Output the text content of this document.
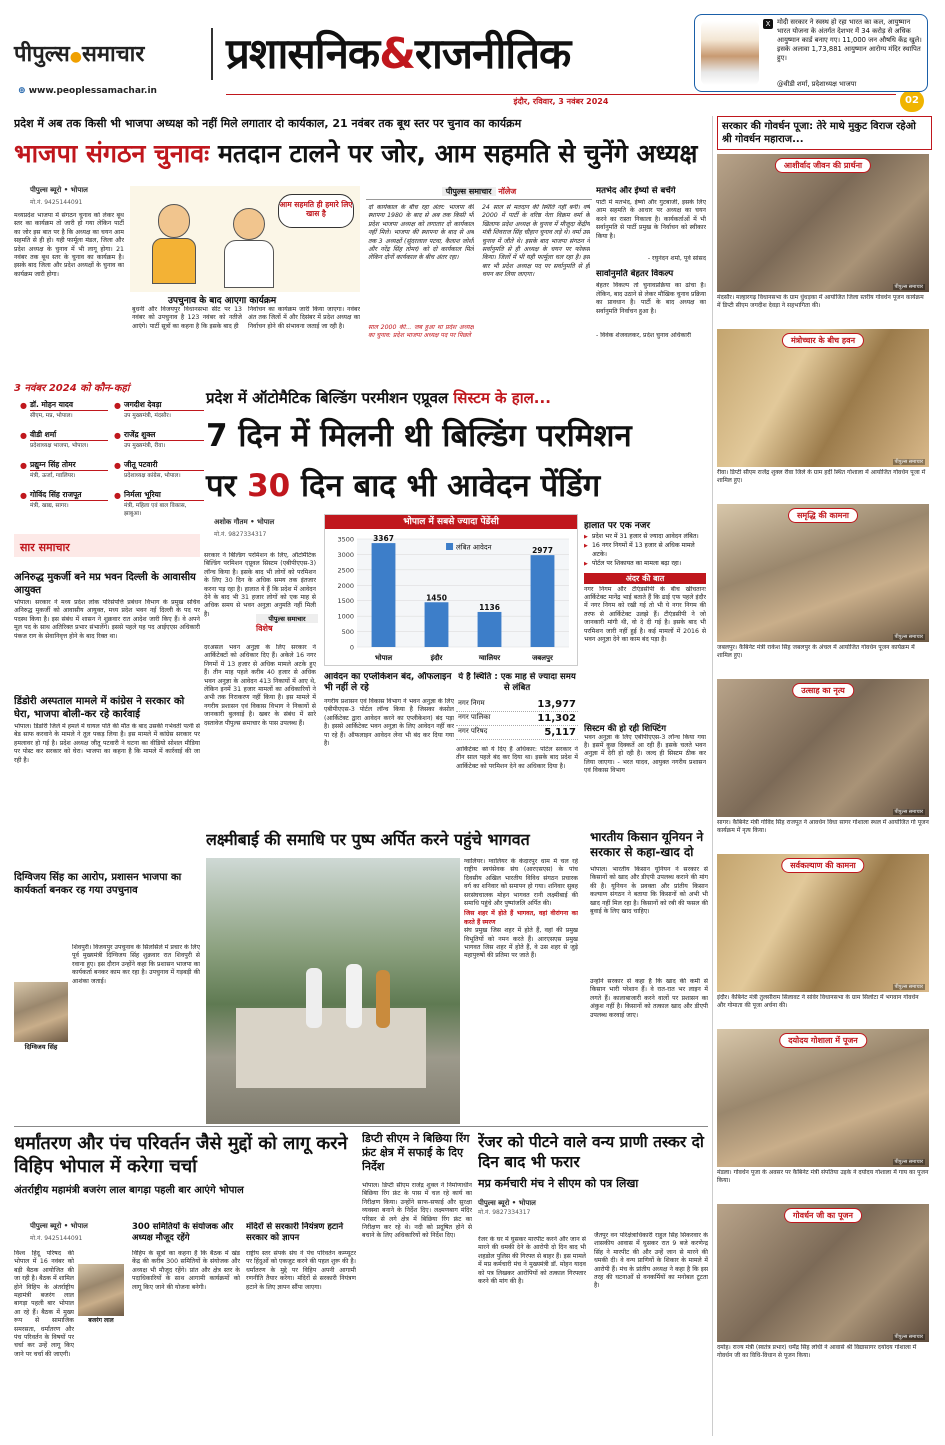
पीपुल्स●समाचार प्रशासनिक&राजनीतिक
⊕ www.peoplessamachar.in
इंदौर, रविवार, 3 नवंबर 2024	02
X मोदी सरकार ने स्वस्थ हो रहा भारत का कल, आयुष्मान भारत योजना के अंतर्गत देशभर में 34 करोड़ से अधिक आयुष्मान कार्ड बनाए गए। 11,000 जन औषधि केंद्र खुले। इसके अलावा 1,73,881 आयुष्मान आरोग्य मंदिर स्थापित हुए।
@वीडी शर्मा, प्रदेशाध्यक्ष भाजपा
प्रदेश में अब तक किसी भी भाजपा अध्यक्ष को नहीं मिले लगातार दो कार्यकाल, 21 नवंबर तक बूथ स्तर पर चुनाव का कार्यक्रम
भाजपा संगठन चुनावः मतदान टालने पर जोर, आम सहमति से चुनेंगे अध्यक्ष
पीपुल्स ब्यूरो • भोपाल
मो.नं. 9425144091
मध्यप्रदेश भाजपा में संगठन चुनाव को लेकर बूथ स्तर का कार्यक्रम तो जारी हो गया लेकिन पार्टी का जोर इस बात पर है कि अध्यक्ष का चयन आम सहमति से ही हो। यही फार्मूला मंडल, जिला और प्रदेश अध्यक्ष के चुनाव में भी लागू होगा। 21 नवंबर तक बूथ स्तर के चुनाव का कार्यक्रम है। इसके बाद जिला और प्रदेश अध्यक्षों के चुनाव का कार्यक्रम जारी होगा।
आम सहमति ही हमारे लिए खास है
उपचुनाव के बाद आएगा कार्यक्रम
बुधनी और विजयपुर विधानसभा सीट पर 13 नवंबर को उपचुनाव है 123 नवंबर को नतीजे आएंगे। पार्टी सूत्रों का कहना है कि इसके बाद ही
निर्वाचन का कार्यक्रम जारी किया जाएगा। नवंबर अंत तक जिलों में और दिसंबर में प्रदेश अध्यक्ष का निर्वाचन होने की संभावना जताई जा रही है।
पीपुल्स समाचार नॉलेज
दो कार्यकाल के बीच रहा अंतर: भाजपा की स्थापना 1980 के बाद से अब तक किसी भी प्रदेश भाजपा अध्यक्ष को लगातार दो कार्यकाल नहीं मिले। भाजपा की स्थापना के बाद से अब तक 3 अध्यक्षों (सुंदरलाल पटवा, कैलाश जोशी और नरेंद्र सिंह तोमर) को दो कार्यकाल मिले लेकिन दोनों कार्यकाल के बीच अंतर रहा।
साल 2000 की... जब हुआ था प्रदेश अध्यक्ष का चुनाव: प्रदेश भाजपा अध्यक्ष पद पर पिछले
24 साल से मतदान की स्थिति नहीं बनी। वर्ष 2000 में पार्टी के वरिष्ठ नेता विक्रम वर्मा के खिलाफ प्रदेश अध्यक्ष के चुनाव में मौजूदा केंद्रीय मंत्री शिवराज सिंह चौहान चुनाव लड़े थे। वर्मा उस चुनाव में जीते थे। इसके बाद भाजपा संगठन ने सर्वानुमति से ही अध्यक्ष के चयन पर फोकस किया। जिलों में भी यही फार्मूला चल रहा है। इस बार भी प्रदेश अध्यक्ष पद पर सर्वानुमति से ही चयन कर लिया जाएगा।
मतभेद और ईर्ष्या से बचेंगे
पार्टी में मतभेद, ईर्ष्या और गुटबाजी, इसके लिए आम सहमति के आधार पर अध्यक्ष का चयन करने का रास्ता निकाला है। कार्यकर्ताओं में भी सर्वानुमति से पार्टी प्रमुख के निर्वाचन को स्वीकार किया है।
- रघुनंदन शर्मा, पूर्व सांसद
सार्वानुमति बेहतर विकल्प
बेहतर विकल्प तो चुनावप्रक्रिया का ढांचा है। लेकिन, बाद उठाने से लेकर मौखिक चुनाव प्रक्रिया का प्रावधान है। पार्टी के बाद अध्यक्ष का सर्वानुमति निर्वाचन हुआ है।
- विवेक शेजवलकर, प्रदेश चुनाव अधिकारी
3 नवंबर 2024 को कौन-कहां
● डॉ. मोहन यादव
सीएम, मप्र, भोपाल।
● वीडी शर्मा
प्रदेशाध्यक्ष भाजपा, भोपाल।
● प्रद्युम्न सिंह तोमर
मंत्री, ऊर्जा, ग्वालियर।
● गोविंद सिंह राजपूत
मंत्री, खाद्य, सागर।
● जगदीश देवड़ा
उप मुख्यमंत्री, मंदसौर।
● राजेंद्र शुक्ल
उप मुख्यमंत्री, रीवा।
● जीतू पटवारी
प्रदेशाध्यक्ष कांग्रेस, भोपाल।
● निर्मला भूरिया
मंत्री, महिला एवं बाल विकास, झाबुआ।
प्रदेश में ऑटोमैटिक बिल्डिंग परमीशन एप्रूवल सिस्टम के हाल...
7 दिन में मिलनी थी बिल्डिंग परमिशन
पर 30 दिन बाद भी आवेदन पेंडिंग
अशोक गौतम • भोपाल
मो.नं. 9827334317
भोपाल में सबसे ज्यादा पेंडेंसी
0
500
1000
1500
2000
2500
3000
3500	3367
भोपाल
1450
इंदौर
1136
ग्वालियर
2977
जबलपुर
लंबित आवेदन
सरकार ने बिल्डिंग परमिशन के लिए, ऑटोमैटिक बिल्डिंग परमिशन एप्रूवल सिस्टम (एबीपीएएस-3) लॉन्च किया है। इसके बाद भी लोगों को परमिशन के लिए 30 दिन के अधिक समय तक इंतजार करना पड़ रहा है। हालात ये हैं कि प्रदेश में आवेदन देने के बाद भी 31 हजार लोगों को एक माह से अधिक समय से भवन अनुज्ञा अनुमति नहीं मिली है।
पीपुल्स समाचार
विशेष
दरअसल भवन अनुज्ञा के लिए सरकार ने आर्किटेक्टों को अधिकार दिए हैं। अकेले 16 नगर निगमों में 13 हजार से अधिक मामले अटके हुए हैं। तीन माह पहले करीब 40 हजार से अधिक भवन अनुज्ञा के आवेदन 413 निकायों में आए थे, लेकिन इनमें 31 हजार मामलों का अधिकारियों ने अभी तक निराकरण नहीं किया है। इस मामले में नगरीय प्रशासन एवं विकास विभाग ने निकायों से जानकारी बुलवाई है। खबर के संबंध में सारे दस्तावेज पीपुल्स समाचार के पास उपलब्ध हैं।
आवेदन का एप्लीकेशन बंद, ऑफलाइन भी नहीं ले रहे
नगरीय प्रशासन एवं विकास विभाग ने भवन अनुज्ञा के लिए एबीपीएएस-3 पोर्टल लॉन्च किया है जिसका कंसोल (आर्किटेक्ट द्वारा आवेदन करने का एप्लीकेशन) बंद पड़ा है। इससे आर्किटेक्ट भवन अनुज्ञा के लिए आवेदन नहीं कर पा रहे हैं। ऑफलाइन आवेदन लेना भी बंद कर दिया गया है।
ये है स्थिति : एक माह से ज्यादा समय से लंबित
नगर निगम	13,977
नगर पालिका	11,302
नगर परिषद	5,117
आर्किटेक्ट को ये दिए हैं अधिकार: पोर्टल सरकार ने तीन साल पहले बंद कर दिया था। इसके बाद प्रदेश में आर्किटेक्ट को परमिशन देने का अधिकार दिया है।
हालात पर एक नजर
▶ प्रदेश भर में 31 हजार से ज्यादा आवेदन लंबित।
▶ 16 नगर निगमों में 13 हजार से अधिक मामले अटके।
▶ पोर्टल पर शिकायत का मामला बढ़ा रहा।
अंदर की बात
नगर निगम और टीएंडसीपी के बीच खींचतानः आर्किटेक्ट मानेंद्र भाई बताते हैं कि ढाई एफ पहले इंदौर में नगर निगम को रखी गई तो भी ये नगर निगम की तरफ से आर्किटेक्ट उलझे हैं। टीएंडसीपी ने जो जानकारी मांगी थी, वो दे दी गई है। इसके बाद भी परमिशन जारी नहीं हुई है। कई मामलों में 2016 से भवन अनुज्ञा देने का काम बंद पड़ा है।
सिस्टम की हो रही शिफ्टिंग
भवन अनुज्ञा के लिए एबीपीएएस-3 लॉन्च किया गया है। इसमें कुछ दिक्कतें आ रही हैं। इसके चलते भवन अनुज्ञा में देरी हो रही है। जल्द ही सिस्टम ठीक कर लिया जाएगा। - भरत यादव, आयुक्त नगरीय प्रशासन एवं विकास विभाग
सार समाचार
अनिरुद्ध मुकर्जी बने मप्र भवन दिल्ली के आवासीय आयुक्त
भोपाल। सरकार ने मध्य प्रदेश लोक परिसंपत्ति प्रबंधन विभाग के प्रमुख सचिव अनिरुद्ध मुकर्जी को आवासीय आयुक्त, मध्य प्रदेश भवन नई दिल्ली के पद पर पदस्थ किया है। इस संबंध में शासन ने शुक्रवार रात आदेश जारी किए हैं। वे अपने मूल पद के साथ अतिरिक्त प्रभार संभालेंगे। इससे पहले यह पद आईएएस अधिकारी पंकज राग के सेवानिवृत्त होने के बाद रिक्त था।
डिंडोरी अस्पताल मामले में कांग्रेस ने सरकार को घेरा, भाजपा बोली-कर रहे कार्रवाई
भोपाल। डिंडोरी जिले में हमले में घायल पति की मौत के बाद उसकी गर्भवती पत्नी से बेड साफ करवाने के मामले ने तूल पकड़ लिया है। इस मामले में कांग्रेस सरकार पर हमलावर हो गई है। प्रदेश अध्यक्ष जीतू पटवारी ने घटना का वीडियो सोशल मीडिया पर पोस्ट कर सरकार को घेरा। भाजपा का कहना है कि मामले में कार्रवाई की जा रही है।
दिग्विजय सिंह का आरोप, प्रशासन भाजपा का कार्यकर्ता बनकर रह गया उपचुनाव
दिग्विजय सिंह
शिवपुरी। विजयपुर उपचुनाव के सिलसिले में प्रचार के लिए पूर्व मुख्यमंत्री दिग्विजय सिंह शुक्रवार रात शिवपुरी से रवाना हुए। इस दौरान उन्होंने कहा कि प्रशासन भाजपा का कार्यकर्ता बनकर काम कर रहा है। उपचुनाव में गड़बड़ी की आशंका जताई।
लक्ष्मीबाई की समाधि पर पुष्प अर्पित करने पहुंचे भागवत
ग्वालियर। ग्वालियर के केदारपुर धाम में चल रहे राष्ट्रीय स्वयंसेवक संघ (आरएसएस) के पांच दिवसीय अखिल भारतीय विविध संगठन प्रचारक वर्ग का शनिवार को समापन हो गया। शनिवार सुबह सरसंघचालक मोहन भागवत रानी लक्ष्मीबाई की समाधि पहुंचे और पुष्पांजलि अर्पित की।
जिस शहर में होते हैं भागवत, वहां वीरांगना का करते हैं स्मरण
संघ प्रमुख जिस शहर में होते हैं, वहां की प्रमुख विभूतियों को नमन करते हैं। आरएसएस प्रमुख भागवत जिस शहर में होते हैं, वे उस शहर से जुड़े महापुरुषों की प्रतिमा पर जाते हैं।
भारतीय किसान यूनियन ने सरकार से कहा-खाद दो
भोपाल। भारतीय किसान यूनियन ने सरकार से किसानों को खाद और डीएपी उपलब्ध कराने की मांग की है। यूनियन के प्रवक्ता और प्रांतीय किसान कल्याण संगठन ने बताया कि किसानों को अभी भी खाद नहीं मिल रहा है। किसानों को रबी की फसल की बुवाई के लिए खाद चाहिए।
उन्होंने सरकार से कहा है कि खाद की कमी से किसान भारी परेशान हैं। वे रात-रात भर लाइन में लगते हैं। कालाबाजारी करने वालों पर प्रशासन का अंकुश नहीं है। किसानों को तत्काल खाद और डीएपी उपलब्ध करवाई जाए।
सरकार की गोवर्धन पूजा: तेरे माथे मुकुट विराज रहेओ श्री गोवर्धन महाराज...
आशीर्वाद जीवन की प्रार्थना
पीपुल्स समाचार
मंदसौर। मल्हारगढ़ विधानसभा के ग्राम धुंधड़का में आयोजित जिला स्तरीय गोवर्धन पूजन कार्यक्रम में डिप्टी सीएम जगदीश देवड़ा ने सहभागिता की।
मंत्रोच्चार के बीच हवन
पीपुल्स समाचार
रीवा। डिप्टी सीएम राजेंद्र शुक्ल रीवा जिले के ग्राम हर्दी स्थित गोशाला में आयोजित गोवर्धन पूजा में शामिल हुए।
समृद्धि की कामना
पीपुल्स समाचार
जबलपुर। कैबिनेट मंत्री राकेश सिंह जबलपुर के अंचल में आयोजित गोवर्धन पूजन कार्यक्रम में शामिल हुए।
उत्साह का नृत्य
पीपुल्स समाचार
सागर। कैबिनेट मंत्री गोविंद सिंह राजपूत ने आवर्धन विधा सागर गोशाला स्थल में आयोजित गो पूजन कार्यक्रम में नृत्य किया।
सर्वकल्याण की कामना
पीपुल्स समाचार
इंदौर। कैबिनेट मंत्री तुलसीराम सिलावट ने सांवेर विधानसभा के ग्राम सिलोटा में भगवान गोवर्धन और गोमाता की पूजा अर्चना की।
दयोदय गोशाला में पूजन
पीपुल्स समाचार
मंडला। गोवर्धन पूजा के अवसर पर कैबिनेट मंत्री संपतिया उइके ने दयोदय गोशाला में गाय का पूजन किया।
गोवर्धन जी का पूजन
पीपुल्स समाचार
दमोह। राज्य मंत्री (स्वतंत्र प्रभार) धर्मेंद्र सिंह लोधी ने आवासे श्री विद्यासागर दयोदय गोशाला में गोवर्धन जी का विधि-विधान से पूजन किया।
धर्मांतरण और पंच परिवर्तन जैसे मुद्दों को लागू करने विहिप भोपाल में करेगा चर्चा
अंतर्राष्ट्रीय महामंत्री बजरंग लाल बागड़ा पहली बार आएंगे भोपाल
पीपुल्स ब्यूरो • भोपाल
मो.नं. 9425144091
बजरंग लाल
विश्व हिंदू परिषद की भोपाल में 16 नवंबर को बड़ी बैठक आयोजित की जा रही है। बैठक में शामिल होने विहिप के अंतर्राष्ट्रीय महामंत्री बजरंग लाल बागड़ा पहली बार भोपाल आ रहे हैं। बैठक में मुख्य रूप से सामाजिक समरसता, धर्मांतरण और पंच परिवर्तन के विषयों पर चर्चा कर उन्हें लागू किए जाने पर चर्चा की जाएगी।
300 समितियों के संयोजक और अध्यक्ष मौजूद रहेंगे
विहिप के सूत्रों का कहना है कि बैठक में खंड केंद्र की करीब 300 समितियों के संयोजक और अध्यक्ष भी मौजूद रहेंगे। प्रांत और क्षेत्र स्तर के पदाधिकारियों के साथ आगामी कार्यक्रमों को लागू किए जाने की योजना बनेगी।
मंदिरों से सरकारी नियंत्रण हटाने सरकार को ज्ञापन
राष्ट्रीय स्तर संपर्क संघ ने पंच परिवर्तन कम्प्यूटर पर हिंदुओं को एकजुट करने की पहल शुरू की है। धर्मांतरण के मुद्दे पर विहिप अपनी आगामी रणनीति तैयार करेगा। मंदिरों से सरकारी नियंत्रण हटाने के लिए ज्ञापन सौंपा जाएगा।
डिप्टी सीएम ने बिछिया रिंग फ्रंट क्षेत्र में सफाई के दिए निर्देश
भोपाल। डिप्टी सीएम राजेंद्र शुक्ल ने निर्माणाधीन बिछिया रिंग फ्रंट के पास में चल रहे कार्य का निरीक्षण किया। उन्होंने साफ-सफाई और सुरक्षा व्यवस्था बनाने के निर्देश दिए। लक्ष्मणबाग मंदिर परिसर से लगे क्षेत्र में बिछिया रिंग फ्रंट का निरीक्षण कर रहे थे। नदी को प्रदूषित होने से बचाने के लिए अधिकारियों को निर्देश दिए।
रेंजर को पीटने वाले वन्य प्राणी तस्कर दो दिन बाद भी फरार
मप्र कर्मचारी मंच ने सीएम को पत्र लिखा
पीपुल्स ब्यूरो • भोपाल
मो.नं. 9827334317
रेंजर के घर में घुसकर मारपीट करने और जान से मारने की धमकी देने के आरोपी दो दिन बाद भी शहडोल पुलिस की गिरफ्त से बाहर हैं। इस मामले में मप्र कर्मचारी मंच ने मुख्यमंत्री डॉ. मोहन यादव को पत्र लिखकर आरोपियों को तत्काल गिरफ्तार करने की मांग की है।
जैतपुर वन परिक्षेत्राधिकारी राहुल सिंह सिकरवार के शासकीय आवास में घुसकर रात 9 बजे करणेन्द्र सिंह ने मारपीट की और उन्हें जान से मारने की धमकी दी। वे वन्य प्राणियों के शिकार के मामले में आरोपी हैं। मंच के प्रांतीय अध्यक्ष ने कहा है कि इस तरह की घटनाओं से वनकर्मियों का मनोबल टूटता है।
